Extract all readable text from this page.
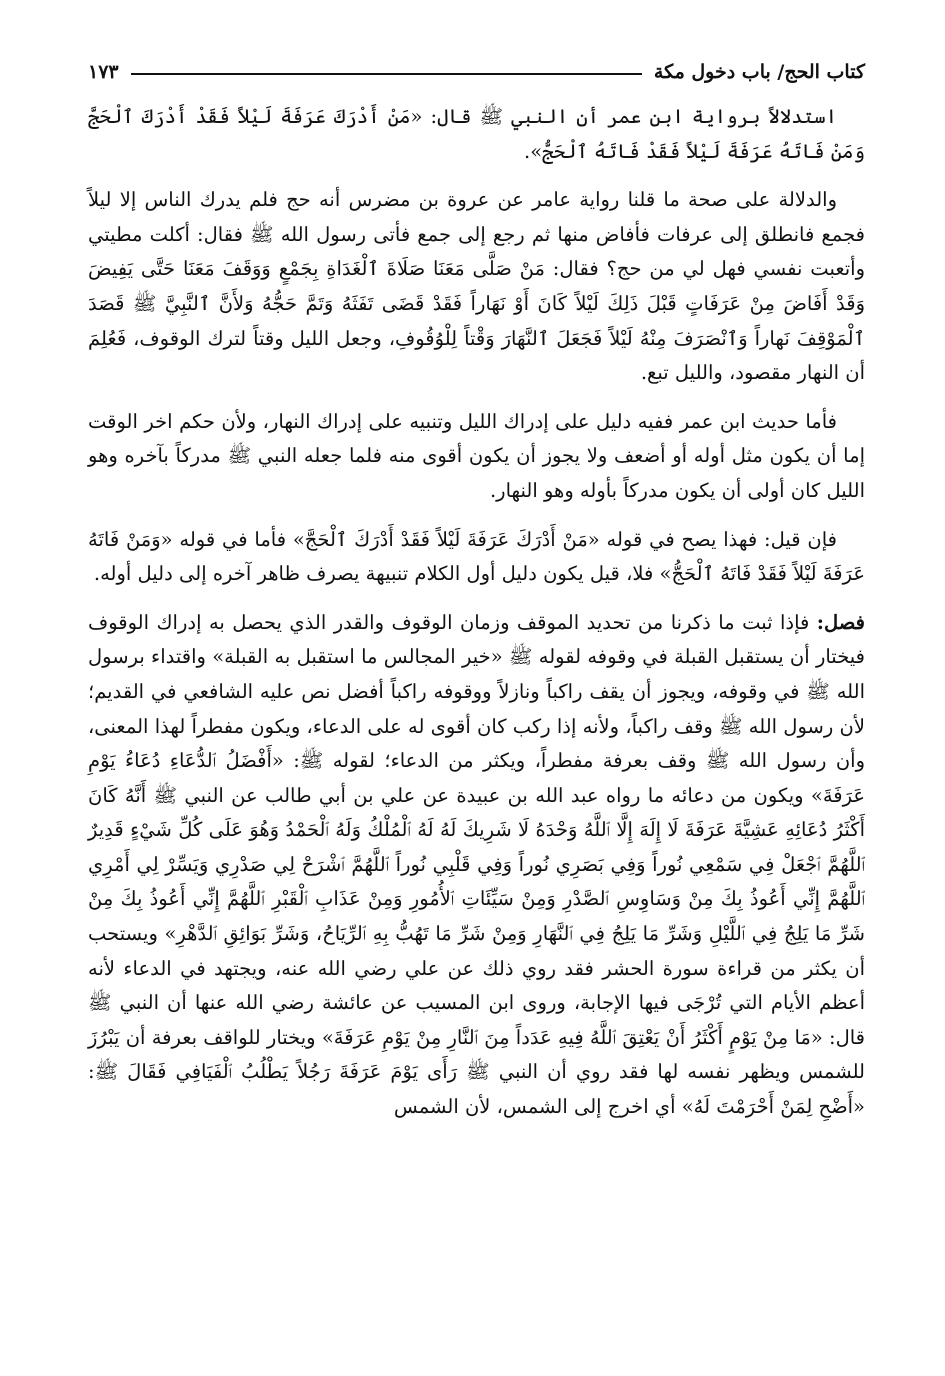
كتاب الحج/ باب دخول مكة
١٧٣

استدلالاً برواية ابن عمر أن النبي ﷺ قال: «مَنْ أَدْرَكَ عَرَفَةَ لَيْلاً فَقَدْ أَدْرَكَ ٱلْحَجَّ وَمَنْ فَاتَهُ عَرَفَةَ لَيْلاً فَقَدْ فَاتَهُ ٱلْحَجُّ».

والدلالة على صحة ما قلنا رواية عامر عن عروة بن مضرس أنه حج فلم يدرك الناس إلا ليلاً فجمع فانطلق إلى عرفات فأفاض منها ثم رجع إلى جمع فأتى رسول الله ﷺ فقال: أكلت مطيتي وأتعبت نفسي فهل لي من حج؟ فقال: مَنْ صَلَّى مَعَنَا صَلَاةَ ٱلْغَدَاةِ بِجَمْعٍ وَوَقَفَ مَعَنَا حَتَّى يَفِيضَ وَقَدْ أَفَاضَ مِنْ عَرَفَاتٍ قَبْلَ ذَلِكَ لَيْلاً كَانَ أَوْ نَهَاراً فَقَدْ قَضَى تَفَثَهُ وَتَمَّ حَجُّهُ وَلأَنَّ ٱلنَّبِيَّ ﷺ قَصَدَ ٱلْمَوْقِفَ نَهاراً وَٱنْصَرَفَ مِنْهُ لَيْلاً فَجَعَلَ ٱلنَّهَارَ وَقْتاً لِلْوُقُوفِ، وجعل الليل وقتاً لترك الوقوف، فَعُلِمَ أن النهار مقصود، والليل تبع.

فأما حديث ابن عمر ففيه دليل على إدراك الليل وتنبيه على إدراك النهار، ولأن حكم اخر الوقت إما أن يكون مثل أوله أو أضعف ولا يجوز أن يكون أقوى منه فلما جعله النبي ﷺ مدركاً بآخره وهو الليل كان أولى أن يكون مدركاً بأوله وهو النهار.

فإن قيل: فهذا يصح في قوله «مَنْ أَدْرَكَ عَرَفَةَ لَيْلاً فَقَدْ أَدْرَكَ ٱلْحَجَّ» فأما في قوله «وَمَنْ فَاتَهُ عَرَفَةَ لَيْلاً فَقَدْ فَاتَهُ ٱلْحَجُّ» فلا، قيل يكون دليل أول الكلام تنبيهة يصرف ظاهر آخره إلى دليل أوله.

فصل: فإذا ثبت ما ذكرنا من تحديد الموقف وزمان الوقوف والقدر الذي يحصل به إدراك الوقوف فيختار أن يستقبل القبلة في وقوفه لقوله ﷺ «خير المجالس ما استقبل به القبلة» واقتداء برسول الله ﷺ في وقوفه، ويجوز أن يقف راكباً ونازلاً ووقوفه راكباً أفضل نص عليه الشافعي في القديم؛ لأن رسول الله ﷺ وقف راكباً، ولأنه إذا ركب كان أقوى له على الدعاء، ويكون مفطراً لهذا المعنى، وأن رسول الله ﷺ وقف بعرفة مفطراً، ويكثر من الدعاء؛ لقوله ﷺ: «أَفْضَلُ ٱلدُّعَاءِ دُعَاءُ يَوْمِ عَرَفَةَ» ويكون من دعائه ما رواه عبد الله بن عبيدة عن علي بن أبي طالب عن النبي ﷺ أَنَّهُ كَانَ أَكْثَرُ دُعَائِهِ عَشِيَّةَ عَرَفَةَ لَا إِلَهَ إِلَّا ٱللَّهُ وَحْدَهُ لَا شَرِيكَ لَهُ لَهُ ٱلْمُلْكُ وَلَهُ ٱلْحَمْدُ وَهُوَ عَلَى كُلِّ شَيْءٍ قَدِيرٌ ٱللَّهُمَّ ٱجْعَلْ فِي سَمْعِي نُوراً وَفِي بَصَرِي نُوراً وَفِي قَلْبِي نُوراً ٱللَّهُمَّ ٱشْرَحْ لِي صَدْرِي وَيَسِّرْ لِي أَمْرِي ٱللَّهُمَّ إِنِّي أَعُوذُ بِكَ مِنْ وَسَاوِسِ ٱلصَّدْرِ وَمِنْ سَيِّئَاتِ ٱلأُمُورِ وَمِنْ عَذَابِ ٱلْقَبْرِ ٱللَّهُمَّ إِنِّي أَعُوذُ بِكَ مِنْ شَرِّ مَا يَلِجُ فِي ٱللَّيْلِ وَشَرِّ مَا يَلِجُ فِي ٱلنَّهَارِ وَمِنْ شَرِّ مَا تَهُبُّ بِهِ ٱلرِّيَاحُ، وَشَرِّ بَوَائِقِ ٱلدَّهْرِ» ويستحب أن يكثر من قراءة سورة الحشر فقد روي ذلك عن علي رضي الله عنه، ويجتهد في الدعاء لأنه أعظم الأيام التي تُرْجَى فيها الإجابة، وروى ابن المسيب عن عائشة رضي الله عنها أن النبي ﷺ قال: «مَا مِنْ يَوْمٍ أَكْثَرُ أَنْ يَعْتِقَ ٱللَّهُ فِيهِ عَدَداً مِنَ ٱلنَّارِ مِنْ يَوْمِ عَرَفَةَ» ويختار للواقف بعرفة أن يَبْرُزَ للشمس ويظهر نفسه لها فقد روي أن النبي ﷺ رَأَى يَوْمَ عَرَفَةَ رَجُلاً يَطْلُبُ ٱلْفَيَافِي فَقَالَ ﷺ: «أَضْحِ لِمَنْ أَحْرَمْتَ لَهُ» أي اخرج إلى الشمس، لأن الشمس
